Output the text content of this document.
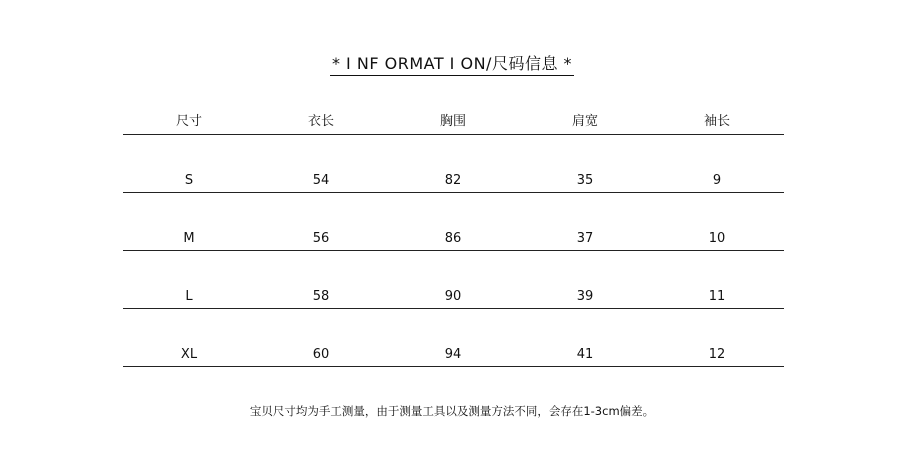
* I NF ORMAT I ON/尺码信息 *
尺寸	衣长	胸围	肩宽	袖长
S	54	82	35	9
M	56	86	37	10
L	58	90	39	11
XL	60	94	41	12
宝贝尺寸均为手工测量，由于测量工具以及测量方法不同，会存在1-3cm偏差。
